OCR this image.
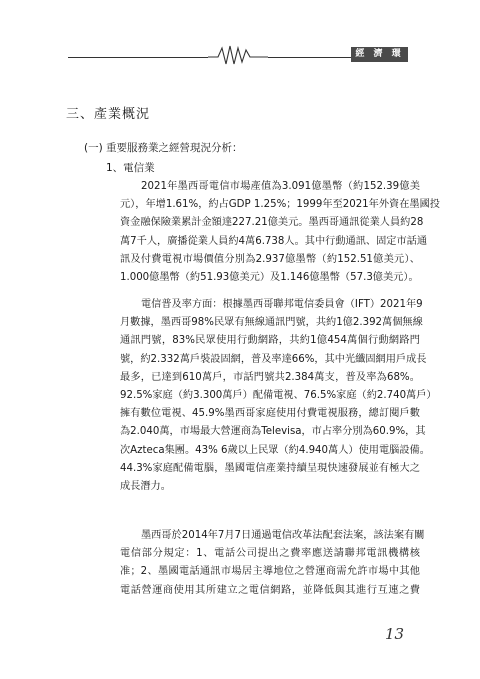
經 濟 環 境
三、產業概況
(一) 重要服務業之經營現況分析：
1、電信業
2021年墨西哥電信市場產值為3.091億墨幣（約152.39億美
元），年增1.61%，約占GDP 1.25%；1999年至2021年外資在墨國投
資金融保險業累計金額達227.21億美元。墨西哥通訊從業人員約28
萬7千人，廣播從業人員約4萬6.738人。其中行動通訊、固定市話通
訊及付費電視市場價值分別為2.937億墨幣（約152.51億美元）、
1.000億墨幣（約51.93億美元）及1.146億墨幣（57.3億美元）。
電信普及率方面：根據墨西哥聯邦電信委員會（IFT）2021年9
月數據，墨西哥98%民眾有無線通訊門號，共約1億2.392萬個無線
通訊門號，83%民眾使用行動網路，共約1億454萬個行動網路門
號，約2.332萬戶裝設固網，普及率達66%，其中光纖固網用戶成長
最多，已達到610萬戶，市話門號共2.384萬支，普及率為68%。
92.5%家庭（約3.300萬戶）配備電視、76.5%家庭（約2.740萬戶）
擁有數位電視、45.9%墨西哥家庭使用付費電視服務，總訂閱戶數
為2.040萬，市場最大營運商為Televisa，市占率分別為60.9%，其
次Azteca集團。43% 6歲以上民眾（約4.940萬人）使用電腦設備。
44.3%家庭配備電腦，墨國電信產業持續呈現快速發展並有極大之
成長潛力。
墨西哥於2014年7月7日通過電信改革法配套法案，該法案有關
電信部分規定：1、電話公司提出之費率應送請聯邦電訊機構核
准；2、墨國電話通訊市場居主導地位之營運商需允許市場中其他
電話營運商使用其所建立之電信網路，並降低與其進行互連之費
13
